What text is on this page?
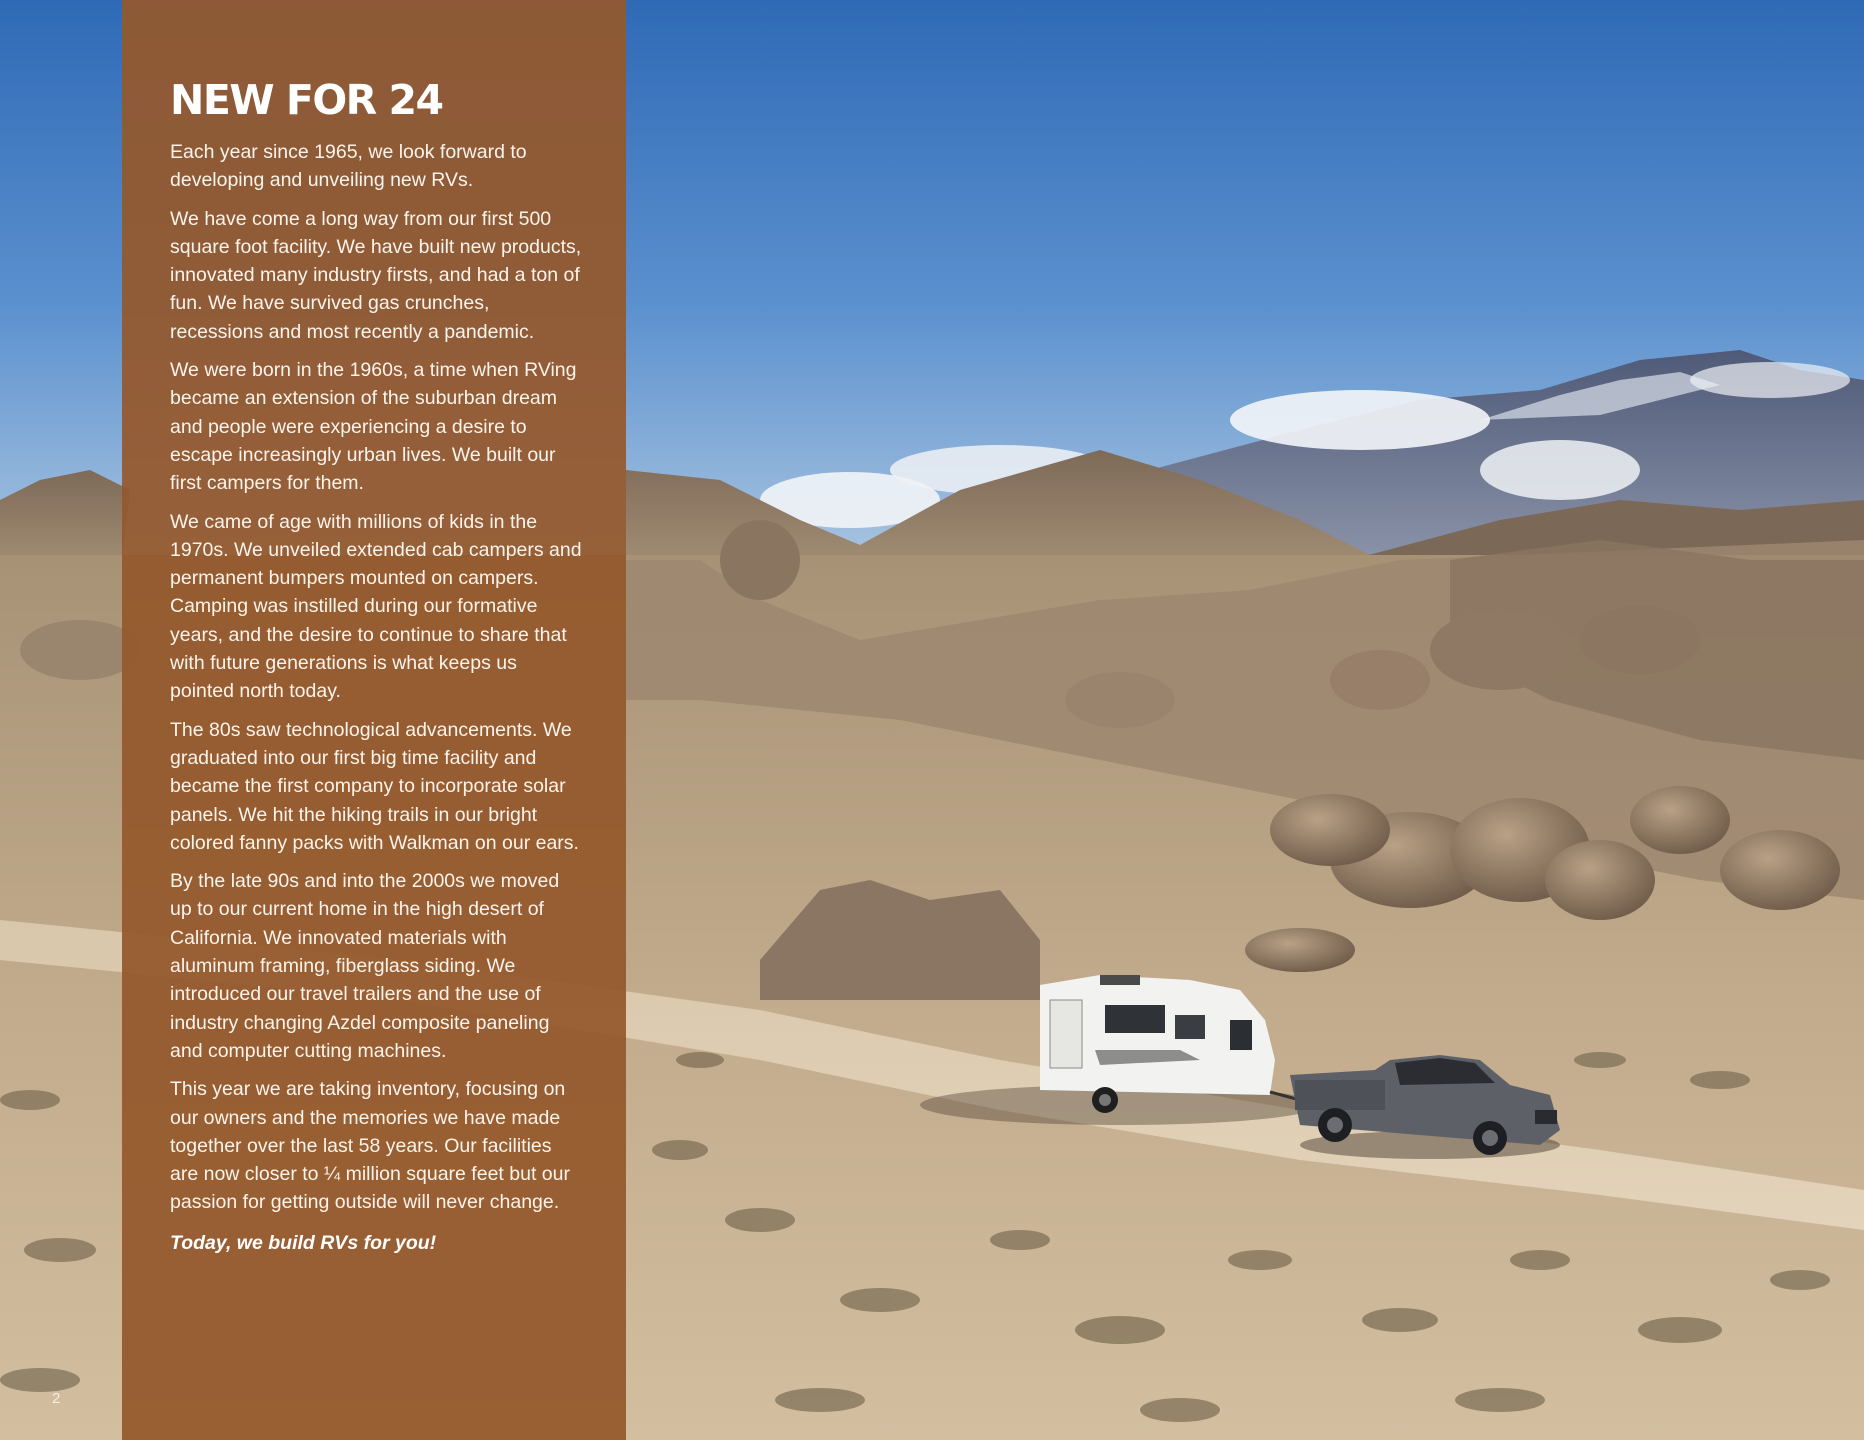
NEW FOR 24

Each year since 1965, we look forward to developing and unveiling new RVs.

We have come a long way from our first 500 square foot facility. We have built new products, innovated many industry firsts, and had a ton of fun. We have survived gas crunches, recessions and most recently a pandemic.

We were born in the 1960s, a time when RVing became an extension of the suburban dream and people were experiencing a desire to escape increasingly urban lives. We built our first campers for them.

We came of age with millions of kids in the 1970s. We unveiled extended cab campers and permanent bumpers mounted on campers. Camping was instilled during our formative years, and the desire to continue to share that with future generations is what keeps us pointed north today.

The 80s saw technological advancements. We graduated into our first big time facility and became the first company to incorporate solar panels. We hit the hiking trails in our bright colored fanny packs with Walkman on our ears.

By the late 90s and into the 2000s we moved up to our current home in the high desert of California. We innovated materials with aluminum framing, fiberglass siding. We introduced our travel trailers and the use of industry changing Azdel composite paneling and computer cutting machines.

This year we are taking inventory, focusing on our owners and the memories we have made together over the last 58 years. Our facilities are now closer to ¼ million square feet but our passion for getting outside will never change.

Today, we build RVs for you!

2
